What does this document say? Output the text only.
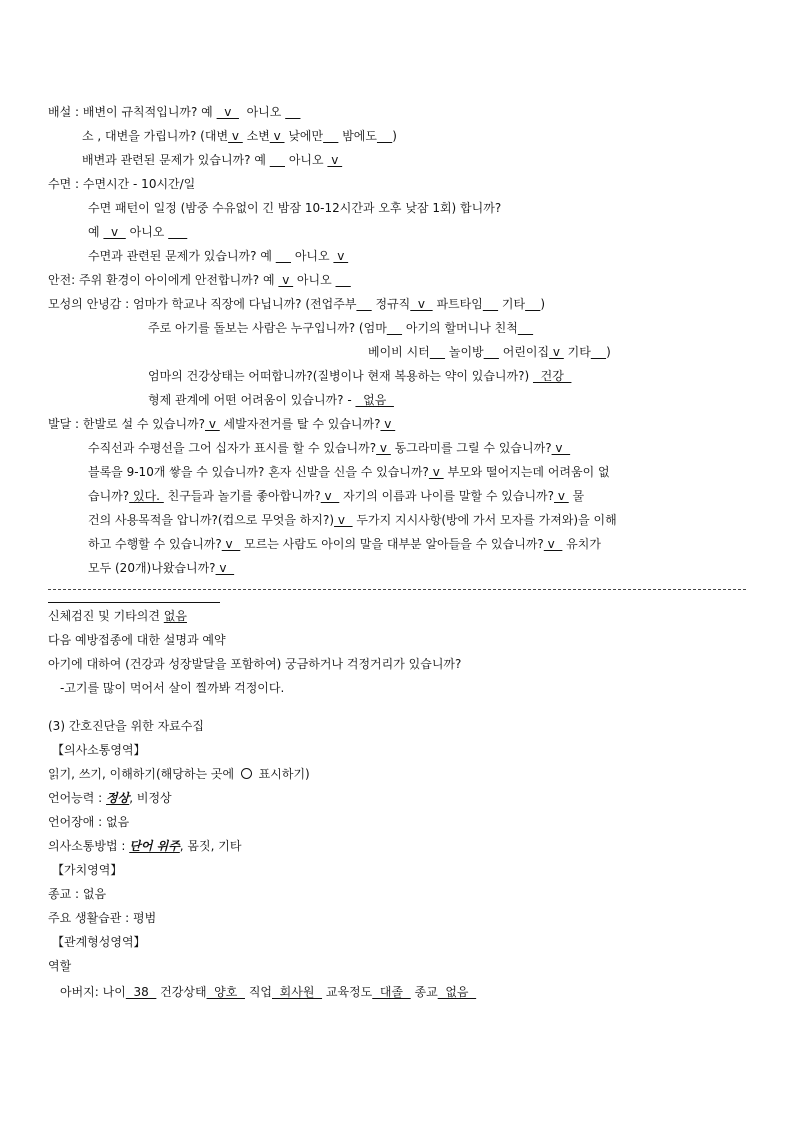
배설 : 배변이 규칙적입니까? 예   v    아니오
소 , 대변을 가립니까? (대변 v  소변 v  낮에만     밤에도 )
배변과 관련된 문제가 있습니까? 예      아니오  v
수면 : 수면시간 - 10시간/일
수면 패턴이 일정 (밤중 수유없이 긴 밤잠 10-12시간과 오후 낮잠 1회) 합니까?
예   v   아니오
수면과 관련된 문제가 있습니까? 예      아니오  v
안전: 주위 환경이 아이에게 안전합니까? 예  v  아니오
모성의 안녕감 : 엄마가 학교나 직장에 다닙니까? (전업주부     정규직  v   파트타임     기타 )
주로 아기를 돌보는 사람은 누구입니까? (엄마     아기의 할머니나 친척
베이비 시터     놀이방     어린이집 v  기타 )
엄마의 건강상태는 어떠합니까?(질병이나 현재 복용하는 약이 있습니까?)   건강
형제 관계에 어떤 어려움이 있습니까? -   없음
발달 : 한발로 설 수 있습니까? v  세발자전거를 탈 수 있습니까? v
수직선과 수평선을 그어 십자가 표시를 할 수 있습니까? v  동그라미를 그릴 수 있습니까? v
블록을 9-10개 쌓을 수 있습니까? 혼자 신발을 신을 수 있습니까? v  부모와 떨어지는데 어려움이 없
습니까? 있다.  친구들과 놀기를 좋아합니까? v   자기의 이름과 나이를 말할 수 있습니까? v  물
건의 사용목적을 압니까?(컵으로 무엇을 하지?) v   두가지 지시사항(방에 가서 모자를 가져와)을 이해
하고 수행할 수 있습니까? v   모르는 사람도 아이의 말을 대부분 알아들을 수 있습니까? v   유치가
모두 (20개)나왔습니까? v
신체검진 및 기타의견 없음
다음 예방접종에 대한 설명과 예약
아기에 대하여 (건강과 성장발달을 포함하여) 궁금하거나 걱정거리가 있습니까?
-고기를 많이 먹어서 살이 찔까봐 걱정이다.
(3) 간호진단을 위한 자료수집
【의사소통영역】
읽기, 쓰기, 이해하기(해당하는 곳에 ○ 표시하기)
언어능력 : 정상, 비정상
언어장애 : 없음
의사소통방법 : 단어 위주, 몸짓, 기타
【가치영역】
종교 : 없음
주요 생활습관 : 평범
【관계형성영역】
역할
아버지: 나이  38   건강상태  양호   직업  회사원   교육정도  대졸   종교  없음
